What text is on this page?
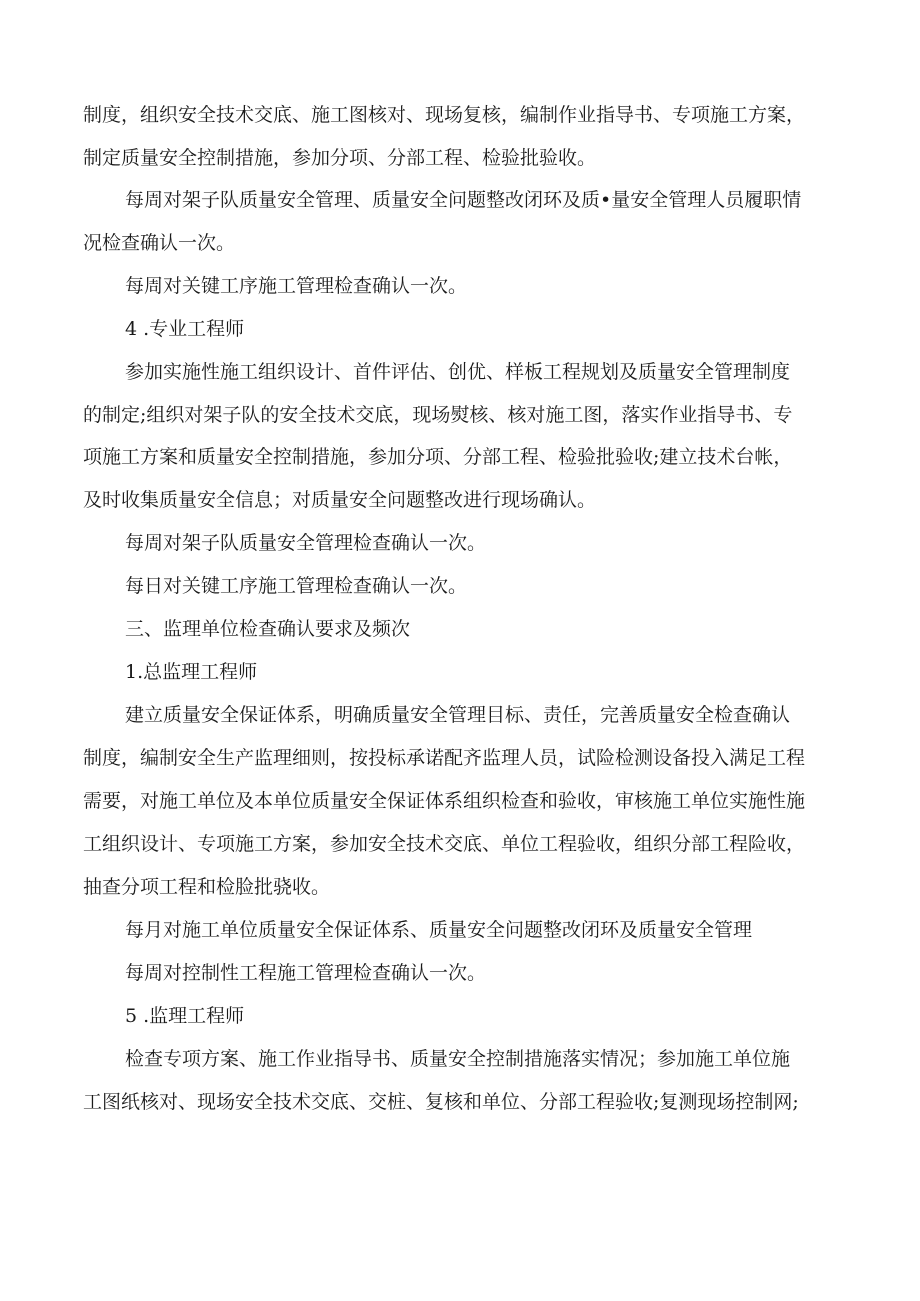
制度，组织安全技术交底、施工图核对、现场复核，编制作业指导书、专项施工方案，
制定质量安全控制措施，参加分项、分部工程、检验批验收。
每周对架子队质量安全管理、质量安全问题整改闭环及质•量安全管理人员履职情
况检查确认一次。
每周对关键工序施工管理检查确认一次。
4 .专业工程师
参加实施性施工组织设计、首件评估、创优、样板工程规划及质量安全管理制度
的制定;组织对架子队的安全技术交底，现场熨核、核对施工图，落实作业指导书、专
项施工方案和质量安全控制措施，参加分项、分部工程、检验批验收;建立技术台帐，
及时收集质量安全信息；对质量安全问题整改进行现场确认。
每周对架子队质量安全管理检查确认一次。
每日对关键工序施工管理检查确认一次。
三、监理单位检查确认要求及频次
1.总监理工程师
建立质量安全保证体系，明确质量安全管理目标、责任，完善质量安全检查确认
制度，编制安全生产监理细则，按投标承诺配齐监理人员，试险检测设备投入满足工程
需要，对施工单位及本单位质量安全保证体系组织检查和验收，审核施工单位实施性施
工组织设计、专项施工方案，参加安全技术交底、单位工程验收，组织分部工程险收，
抽查分项工程和检脸批骁收。
每月对施工单位质量安全保证体系、质量安全问题整改闭环及质量安全管理
每周对控制性工程施工管理检查确认一次。
5 .监理工程师
检查专项方案、施工作业指导书、质量安全控制措施落实情况；参加施工单位施
工图纸核对、现场安全技术交底、交桩、复核和单位、分部工程验收;复测现场控制网;
